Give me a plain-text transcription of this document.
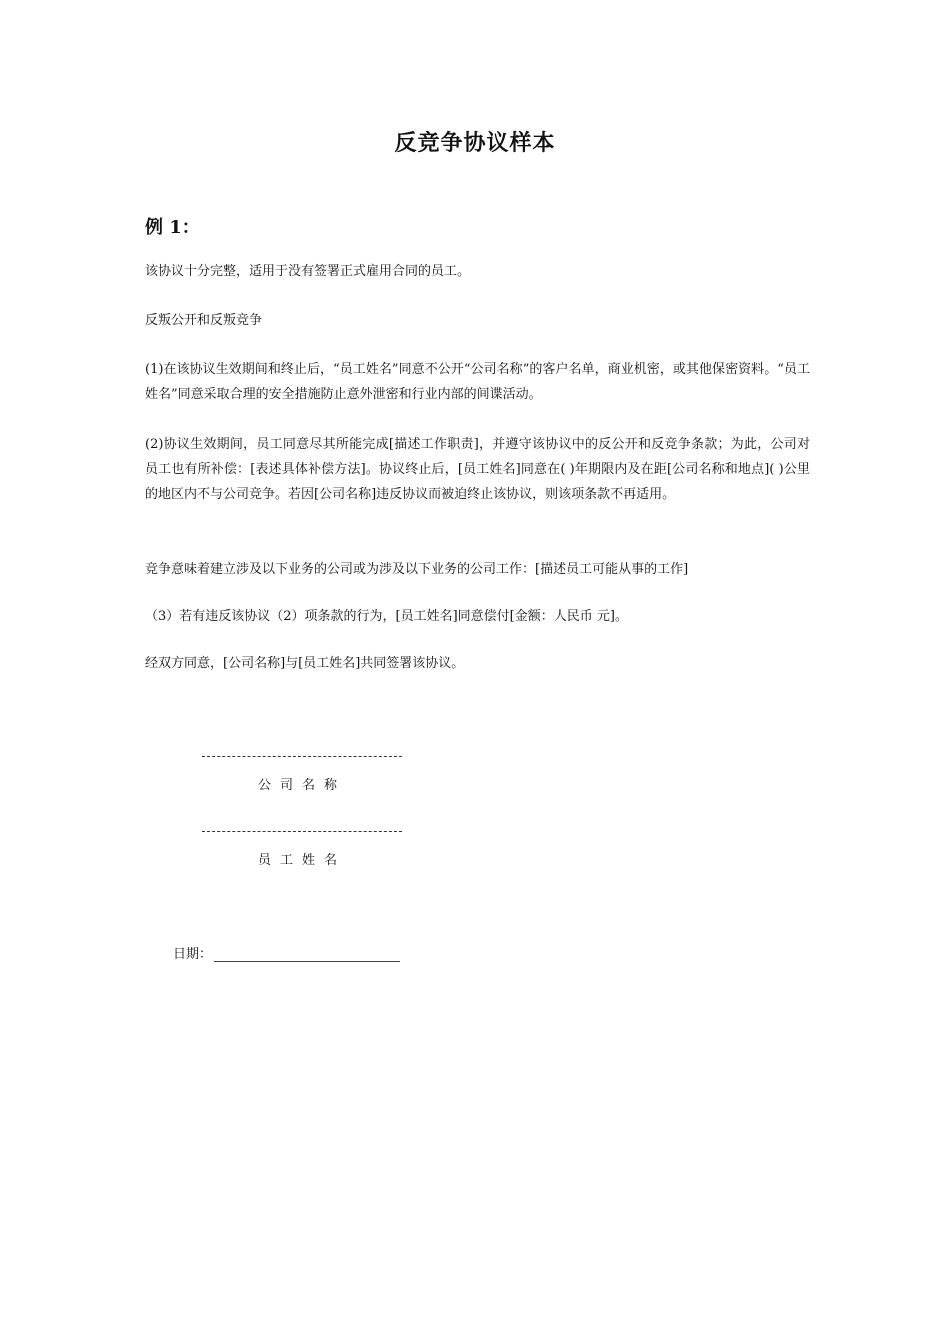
反竞争协议样本
例 1：

该协议十分完整，适用于没有签署正式雇用合同的员工。

反叛公开和反叛竞争

(1)在该协议生效期间和终止后，“员工姓名”同意不公开“公司名称”的客户名单，商业机密，或其他保密资料。“员工姓名”同意采取合理的安全措施防止意外泄密和行业内部的间谍活动。

(2)协议生效期间，员工同意尽其所能完成[描述工作职责]，并遵守该协议中的反公开和反竞争条款；为此，公司对员工也有所补偿：[表述具体补偿方法]。协议终止后，[员工姓名]同意在( )年期限内及在距[公司名称和地点]( )公里的地区内不与公司竞争。若因[公司名称]违反协议而被迫终止该协议，则该项条款不再适用。

竞争意味着建立涉及以下业务的公司或为涉及以下业务的公司工作：[描述员工可能从事的工作]

（3）若有违反该协议（2）项条款的行为，[员工姓名]同意偿付[金额：人民币 元]。

经双方同意，[公司名称]与[员工姓名]共同签署该协议。

公司名称
员工姓名
日期：
